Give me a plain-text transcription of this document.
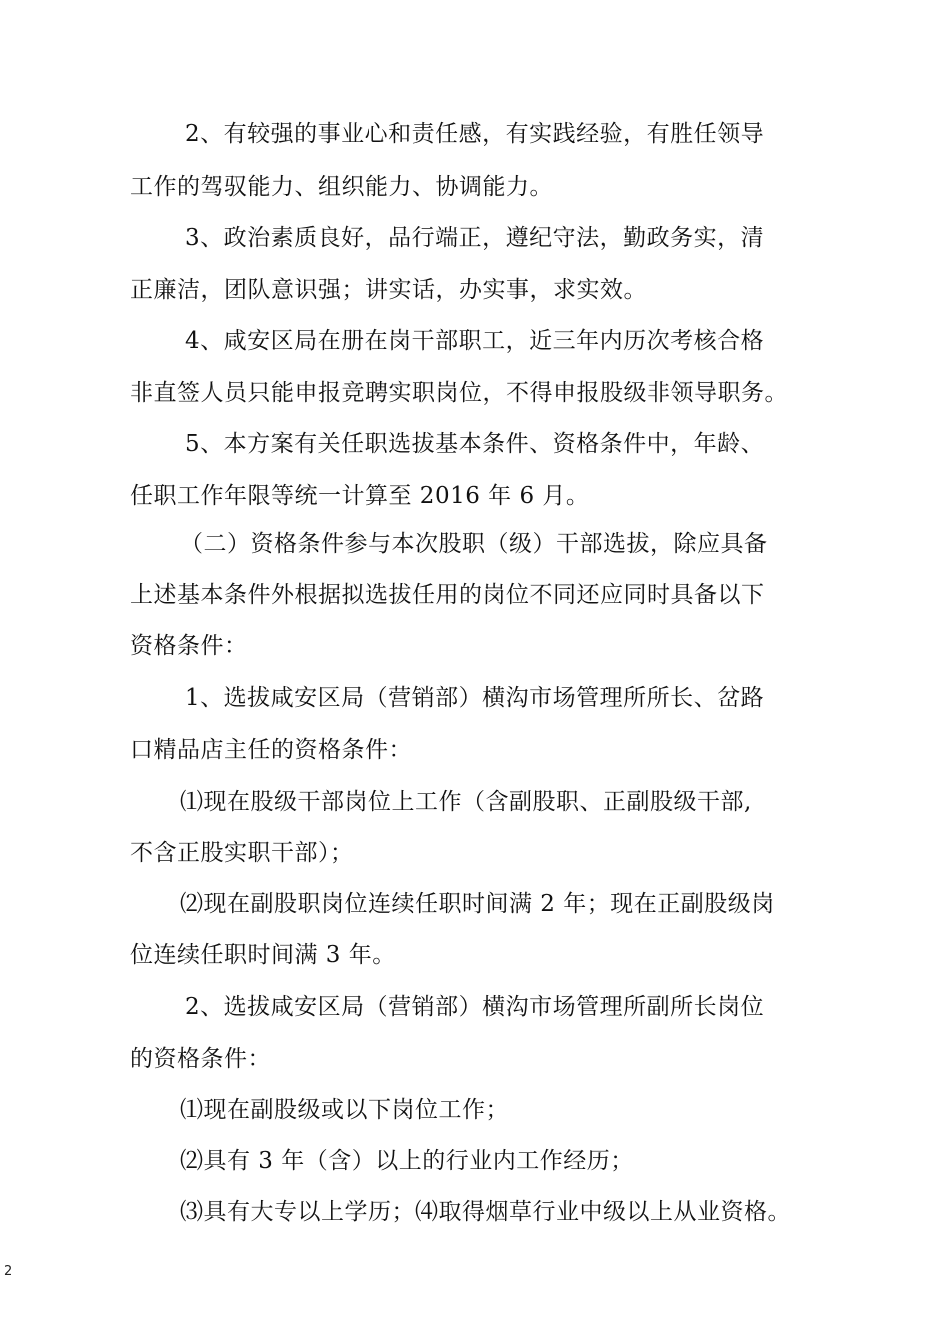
2、有较强的事业心和责任感，有实践经验，有胜任领导
工作的驾驭能力、组织能力、协调能力。
3、政治素质良好，品行端正，遵纪守法，勤政务实，清
正廉洁，团队意识强；讲实话，办实事，求实效。
4、咸安区局在册在岗干部职工，近三年内历次考核合格
非直签人员只能申报竞聘实职岗位，不得申报股级非领导职务。
5、本方案有关任职选拔基本条件、资格条件中，年龄、
任职工作年限等统一计算至 2016 年 6 月。
（二）资格条件参与本次股职（级）干部选拔，除应具备
上述基本条件外根据拟选拔任用的岗位不同还应同时具备以下
资格条件：
1、选拔咸安区局（营销部）横沟市场管理所所长、岔路
口精品店主任的资格条件：
⑴现在股级干部岗位上工作（含副股职、正副股级干部,
不含正股实职干部）；
⑵现在副股职岗位连续任职时间满 2 年；现在正副股级岗
位连续任职时间满 3 年。
2、选拔咸安区局（营销部）横沟市场管理所副所长岗位
的资格条件：
⑴现在副股级或以下岗位工作；
⑵具有 3 年（含）以上的行业内工作经历；
⑶具有大专以上学历；⑷取得烟草行业中级以上从业资格。
2
